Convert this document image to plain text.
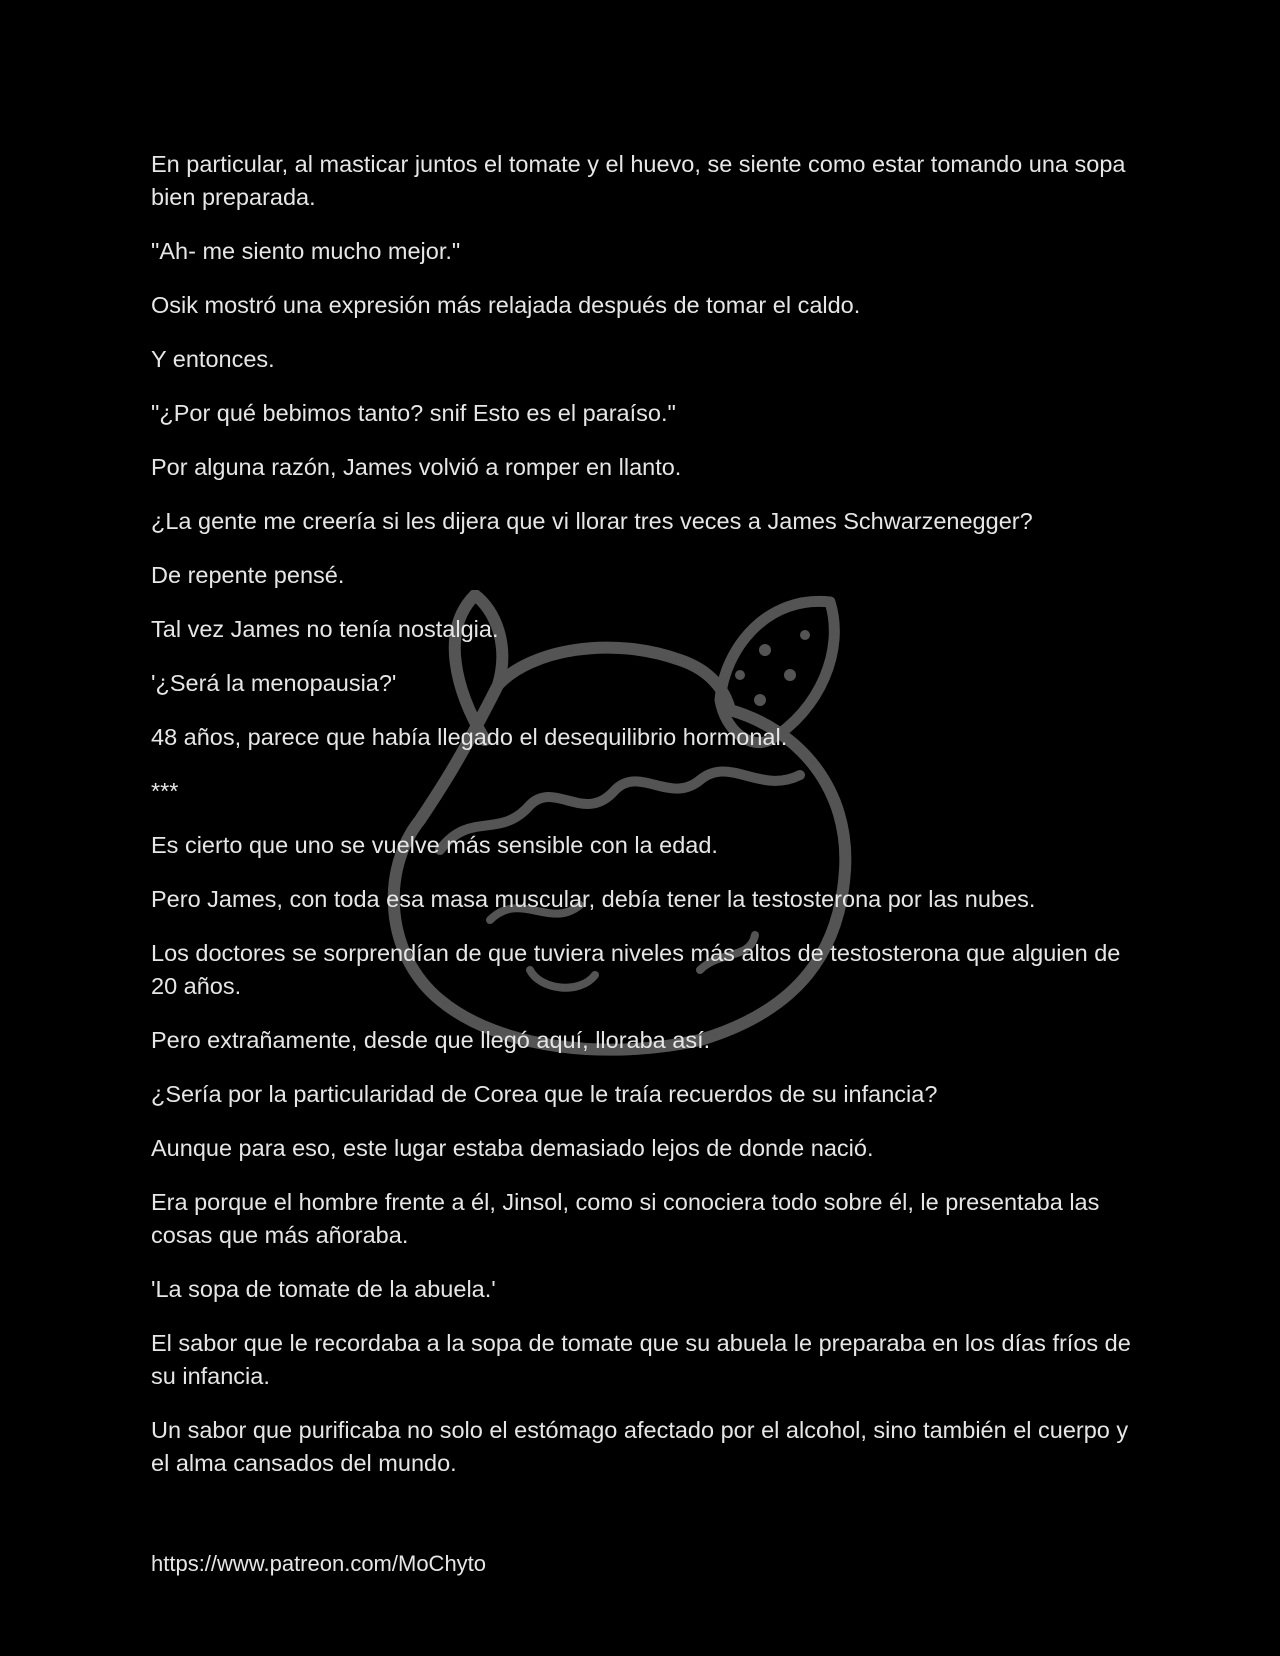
En particular, al masticar juntos el tomate y el huevo, se siente como estar tomando una sopa bien preparada.

"Ah- me siento mucho mejor."

Osik mostró una expresión más relajada después de tomar el caldo.

Y entonces.

"¿Por qué bebimos tanto? snif Esto es el paraíso."

Por alguna razón, James volvió a romper en llanto.

¿La gente me creería si les dijera que vi llorar tres veces a James Schwarzenegger?

De repente pensé.

Tal vez James no tenía nostalgia.

'¿Será la menopausia?'

48 años, parece que había llegado el desequilibrio hormonal.

***

Es cierto que uno se vuelve más sensible con la edad.

Pero James, con toda esa masa muscular, debía tener la testosterona por las nubes.

Los doctores se sorprendían de que tuviera niveles más altos de testosterona que alguien de 20 años.

Pero extrañamente, desde que llegó aquí, lloraba así.

¿Sería por la particularidad de Corea que le traía recuerdos de su infancia?

Aunque para eso, este lugar estaba demasiado lejos de donde nació.

Era porque el hombre frente a él, Jinsol, como si conociera todo sobre él, le presentaba las cosas que más añoraba.

'La sopa de tomate de la abuela.'

El sabor que le recordaba a la sopa de tomate que su abuela le preparaba en los días fríos de su infancia.

Un sabor que purificaba no solo el estómago afectado por el alcohol, sino también el cuerpo y el alma cansados del mundo.

https://www.patreon.com/MoChyto
